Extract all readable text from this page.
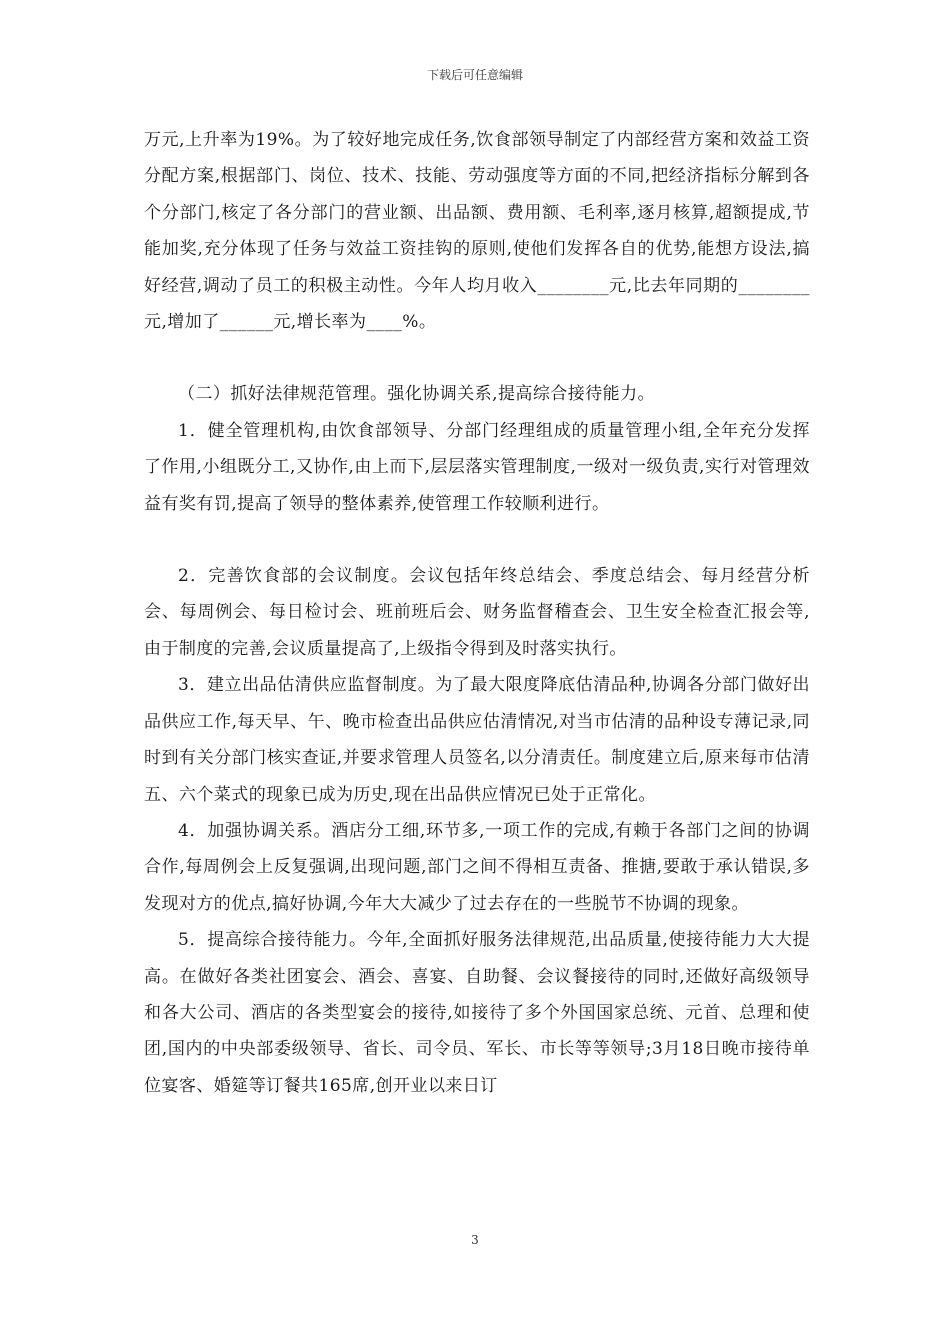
下载后可任意编辑

万元,上升率为19%。为了较好地完成任务,饮食部领导制定了内部经营方案和效益工资分配方案,根据部门、岗位、技术、技能、劳动强度等方面的不同,把经济指标分解到各个分部门,核定了各分部门的营业额、出品额、费用额、毛利率,逐月核算,超额提成,节能加奖,充分体现了任务与效益工资挂钩的原则,使他们发挥各自的优势,能想方设法,搞好经营,调动了员工的积极主动性。今年人均月收入________元,比去年同期的________元,增加了______元,增长率为____%。

（二）抓好法律规范管理。强化协调关系,提高综合接待能力。

1．健全管理机构,由饮食部领导、分部门经理组成的质量管理小组,全年充分发挥了作用,小组既分工,又协作,由上而下,层层落实管理制度,一级对一级负责,实行对管理效益有奖有罚,提高了领导的整体素养,使管理工作较顺利进行。

2．完善饮食部的会议制度。会议包括年终总结会、季度总结会、每月经营分析会、每周例会、每日检讨会、班前班后会、财务监督稽查会、卫生安全检查汇报会等,由于制度的完善,会议质量提高了,上级指令得到及时落实执行。

3．建立出品估清供应监督制度。为了最大限度降底估清品种,协调各分部门做好出品供应工作,每天早、午、晚市检查出品供应估清情况,对当市估清的品种设专薄记录,同时到有关分部门核实查证,并要求管理人员签名,以分清责任。制度建立后,原来每市估清五、六个菜式的现象已成为历史,现在出品供应情况已处于正常化。

4．加强协调关系。酒店分工细,环节多,一项工作的完成,有赖于各部门之间的协调合作,每周例会上反复强调,出现问题,部门之间不得相互责备、推搪,要敢于承认错误,多发现对方的优点,搞好协调,今年大大减少了过去存在的一些脱节不协调的现象。

5．提高综合接待能力。今年,全面抓好服务法律规范,出品质量,使接待能力大大提高。在做好各类社团宴会、酒会、喜宴、自助餐、会议餐接待的同时,还做好高级领导和各大公司、酒店的各类型宴会的接待,如接待了多个外国国家总统、元首、总理和使团,国内的中央部委级领导、省长、司令员、军长、市长等等领导;3月18日晚市接待单位宴客、婚筵等订餐共165席,创开业以来日订

3
